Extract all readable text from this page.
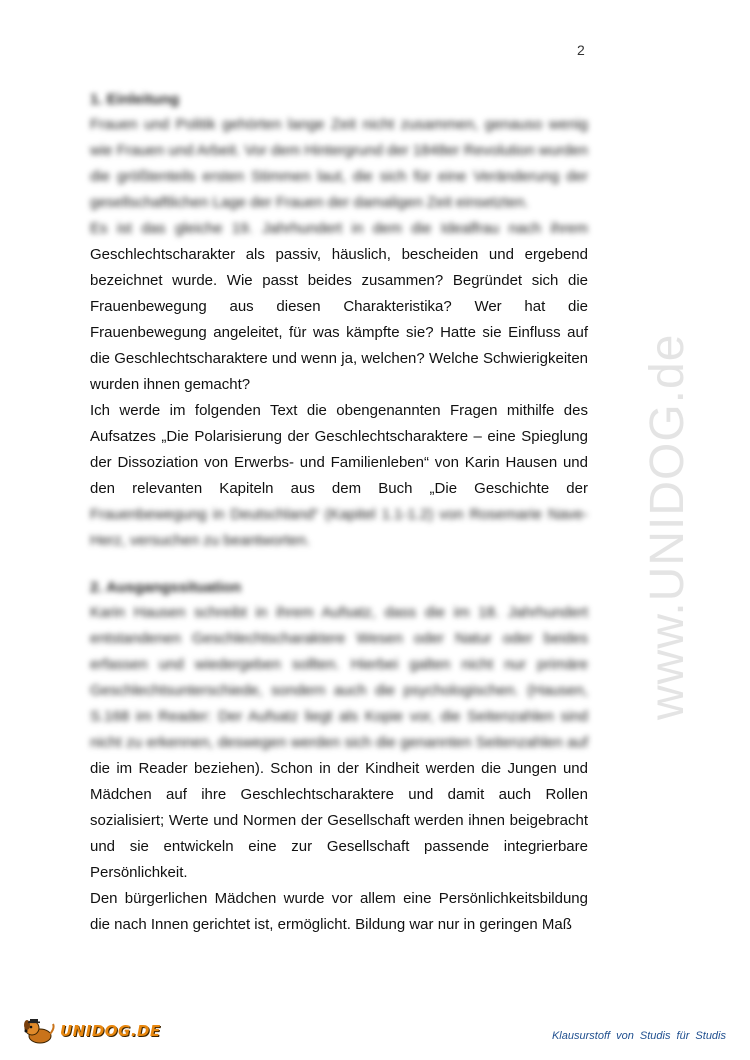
2
www.UNIDOG.de

1. Einleitung

Frauen und Politik gehörten lange Zeit nicht zusammen, genauso wenig wie Frauen und Arbeit. Vor dem Hintergrund der 1848er Revolution wurden die größtenteils ersten Stimmen laut, die sich für eine Veränderung der gesellschaftlichen Lage der Frauen der damaligen Zeit einsetzten.

Es ist das gleiche 19. Jahrhundert in dem die Idealfrau nach ihrem Geschlechtscharakter als passiv, häuslich, bescheiden und ergebend bezeichnet wurde. Wie passt beides zusammen? Begründet sich die Frauenbewegung aus diesen Charakteristika? Wer hat die Frauenbewegung angeleitet, für was kämpfte sie? Hatte sie Einfluss auf die Geschlechtscharaktere und wenn ja, welchen? Welche Schwierigkeiten wurden ihnen gemacht?

Ich werde im folgenden Text die obengenannten Fragen mithilfe des Aufsatzes „Die Polarisierung der Geschlechtscharaktere – eine Spieglung der Dissoziation von Erwerbs- und Familienleben“ von Karin Hausen und den relevanten Kapiteln aus dem Buch „Die Geschichte der Frauenbewegung in Deutschland“ (Kapitel 1.1-1.2) von Rosemarie Nave-Herz, versuchen zu beantworten.

2. Ausgangssituation

Karin Hausen schreibt in ihrem Aufsatz, dass die im 18. Jahrhundert entstandenen Geschlechtscharaktere Wesen oder Natur oder beides erfassen und wiedergeben sollten. Hierbei galten nicht nur primäre Geschlechtsunterschiede, sondern auch die psychologischen. (Hausen, S.168 im Reader: Der Aufsatz liegt als Kopie vor, die Seitenzahlen sind nicht zu erkennen, deswegen werden sich die genannten Seitenzahlen auf die im Reader beziehen). Schon in der Kindheit werden die Jungen und Mädchen auf ihre Geschlechtscharaktere und damit auch Rollen sozialisiert; Werte und Normen der Gesellschaft werden ihnen beigebracht und sie entwickeln eine zur Gesellschaft passende integrierbare Persönlichkeit.

Den bürgerlichen Mädchen wurde vor allem eine Persönlichkeitsbildung die nach Innen gerichtet ist, ermöglicht. Bildung war nur in geringen Maß

UNIDOG.DE	Klausurstoff von Studis für Studis
